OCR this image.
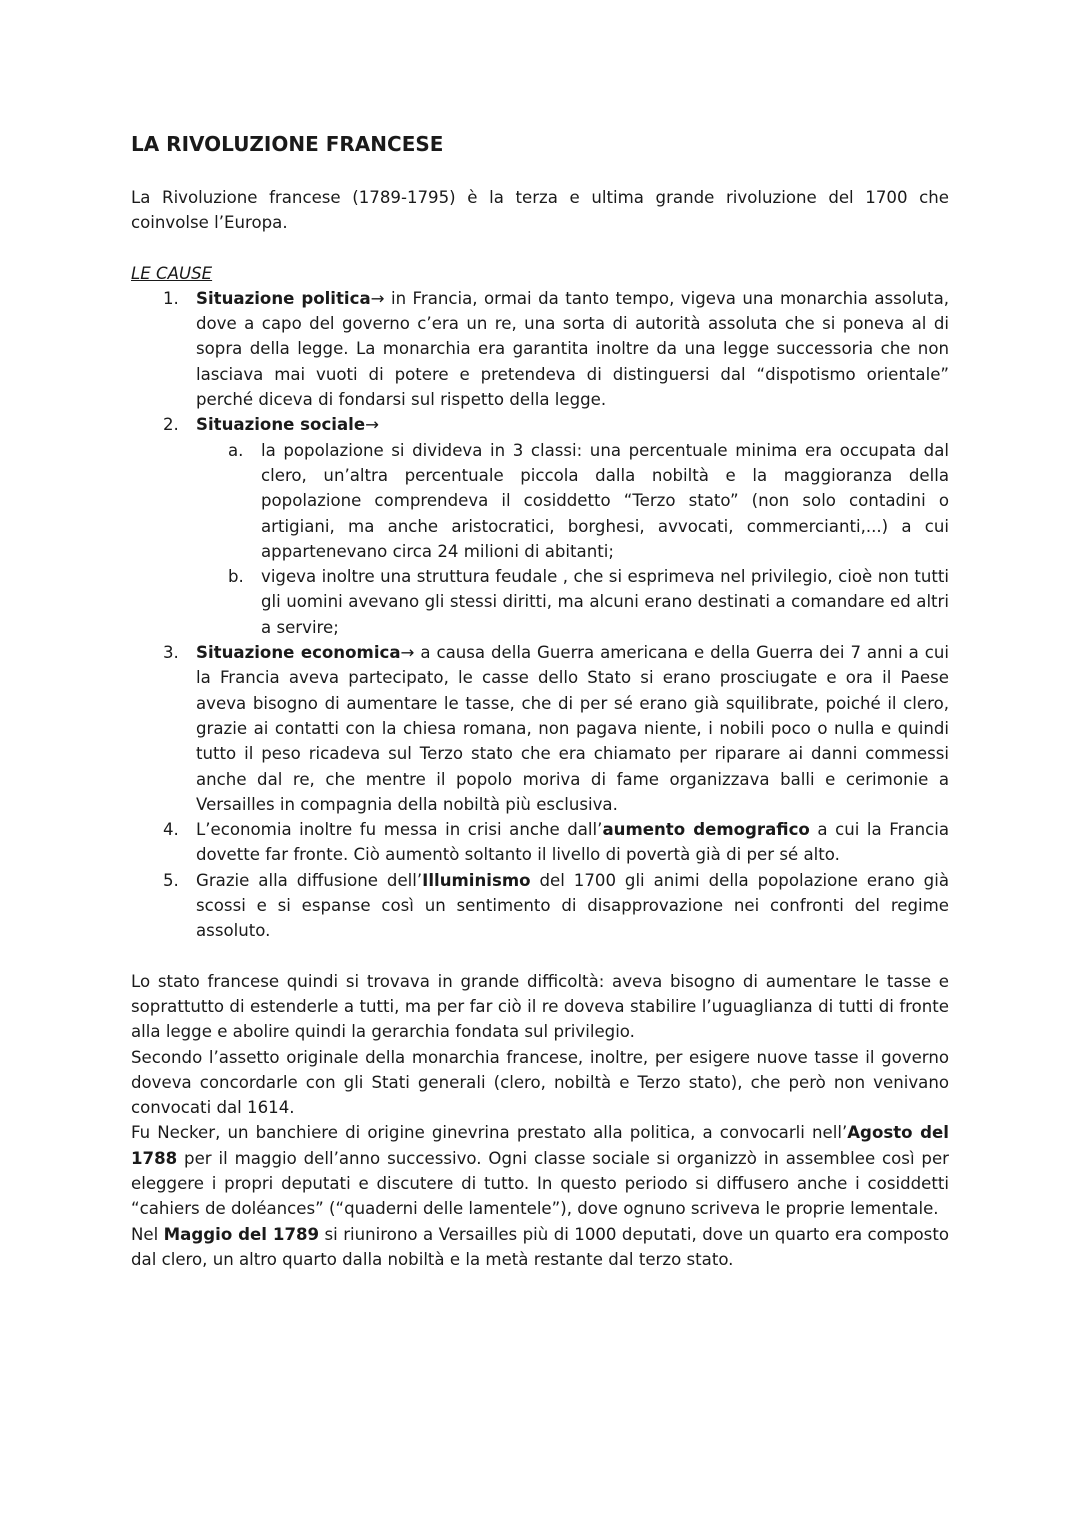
LA RIVOLUZIONE FRANCESE

La Rivoluzione francese (1789-1795) è la terza e ultima grande rivoluzione del 1700 che coinvolse l’Europa.

LE CAUSE
1. Situazione politica→ in Francia, ormai da tanto tempo, vigeva una monarchia assoluta, dove a capo del governo c’era un re, una sorta di autorità assoluta che si poneva al di sopra della legge. La monarchia era garantita inoltre da una legge successoria che non lasciava mai vuoti di potere e pretendeva di distinguersi dal “dispotismo orientale” perché diceva di fondarsi sul rispetto della legge.
2. Situazione sociale→
a. la popolazione si divideva in 3 classi: una percentuale minima era occupata dal clero, un’altra percentuale piccola dalla nobiltà e la maggioranza della popolazione comprendeva il cosiddetto “Terzo stato” (non solo contadini o artigiani, ma anche aristocratici, borghesi, avvocati, commercianti,...) a cui appartenevano circa 24 milioni di abitanti;
b. vigeva inoltre una struttura feudale , che si esprimeva nel privilegio, cioè non tutti gli uomini avevano gli stessi diritti, ma alcuni erano destinati a comandare ed altri a servire;
3. Situazione economica→ a causa della Guerra americana e della Guerra dei 7 anni a cui la Francia aveva partecipato, le casse dello Stato si erano prosciugate e ora il Paese aveva bisogno di aumentare le tasse, che di per sé erano già squilibrate, poiché il clero, grazie ai contatti con la chiesa romana, non pagava niente, i nobili poco o nulla e quindi tutto il peso ricadeva sul Terzo stato che era chiamato per riparare ai danni commessi anche dal re, che mentre il popolo moriva di fame organizzava balli e cerimonie a Versailles in compagnia della nobiltà più esclusiva.
4. L’economia inoltre fu messa in crisi anche dall’aumento demografico a cui la Francia dovette far fronte. Ciò aumentò soltanto il livello di povertà già di per sé alto.
5. Grazie alla diffusione dell’Illuminismo del 1700 gli animi della popolazione erano già scossi e si espanse così un sentimento di disapprovazione nei confronti del regime assoluto.

Lo stato francese quindi si trovava in grande difficoltà: aveva bisogno di aumentare le tasse e soprattutto di estenderle a tutti, ma per far ciò il re doveva stabilire l’uguaglianza di tutti di fronte alla legge e abolire quindi la gerarchia fondata sul privilegio.

Secondo l’assetto originale della monarchia francese, inoltre, per esigere nuove tasse il governo doveva concordarle con gli Stati generali (clero, nobiltà e Terzo stato), che però non venivano convocati dal 1614.

Fu Necker, un banchiere di origine ginevrina prestato alla politica, a convocarli nell’Agosto del 1788 per il maggio dell’anno successivo. Ogni classe sociale si organizzò in assemblee così per eleggere i propri deputati e discutere di tutto. In questo periodo si diffusero anche i cosiddetti “cahiers de doléances” (“quaderni delle lamentele”), dove ognuno scriveva le proprie lementale.

Nel Maggio del 1789 si riunirono a Versailles più di 1000 deputati, dove un quarto era composto dal clero, un altro quarto dalla nobiltà e la metà restante dal terzo stato.
